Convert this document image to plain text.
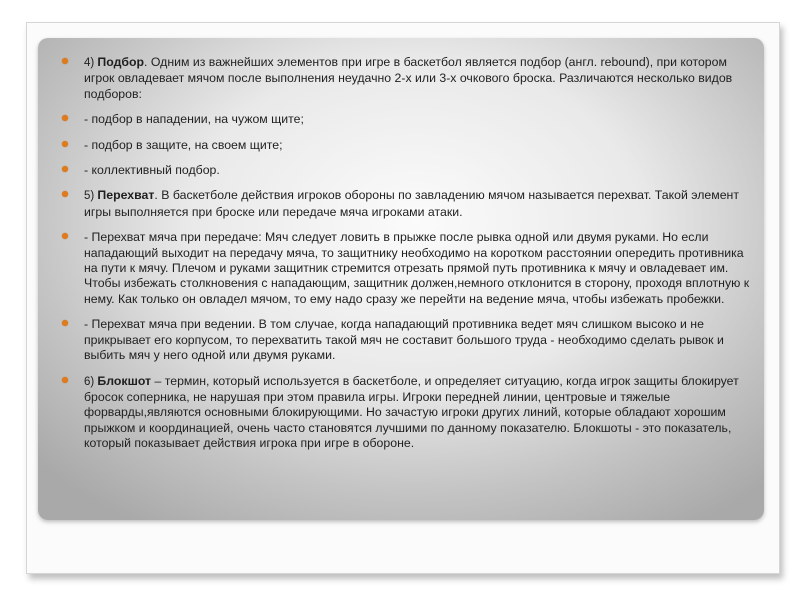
4) Подбор. Одним из важнейших элементов при игре в баскетбол является подбор (англ. rebound), при котором игрок овладевает мячом после выполнения неудачно 2-х или 3-х очкового броска. Различаются несколько видов подборов:
- подбор в нападении, на чужом щите;
- подбор в защите, на своем щите;
- коллективный подбор.
5) Перехват. В баскетболе действия игроков обороны по завладению мячом называется перехват. Такой элемент игры выполняется при броске или передаче мяча игроками атаки.
- Перехват мяча при передаче: Мяч следует ловить в прыжке после рывка одной или двумя руками. Но если нападающий выходит на передачу мяча, то защитнику необходимо на коротком расстоянии опередить противника на пути к мячу. Плечом и руками защитник стремится отрезать прямой путь противника к мячу и овладевает им. Чтобы избежать столкновения с нападающим, защитник должен,немного отклонится в сторону, проходя вплотную к нему. Как только он овладел мячом, то ему надо сразу же перейти на ведение мяча, чтобы избежать пробежки.
- Перехват мяча при ведении. В том случае, когда нападающий противника ведет мяч слишком высоко и не прикрывает его корпусом, то перехватить такой мяч не составит большого труда - необходимо сделать рывок и выбить мяч у него одной или двумя руками.
6) Блокшот – термин, который используется в баскетболе, и определяет ситуацию, когда игрок защиты блокирует бросок соперника, не нарушая при этом правила игры. Игроки передней линии, центровые и тяжелые форварды,являются основными блокирующими. Но зачастую игроки других линий, которые обладают хорошим прыжком и координацией, очень часто становятся лучшими по данному показателю. Блокшоты - это показатель, который показывает действия игрока при игре в обороне.
